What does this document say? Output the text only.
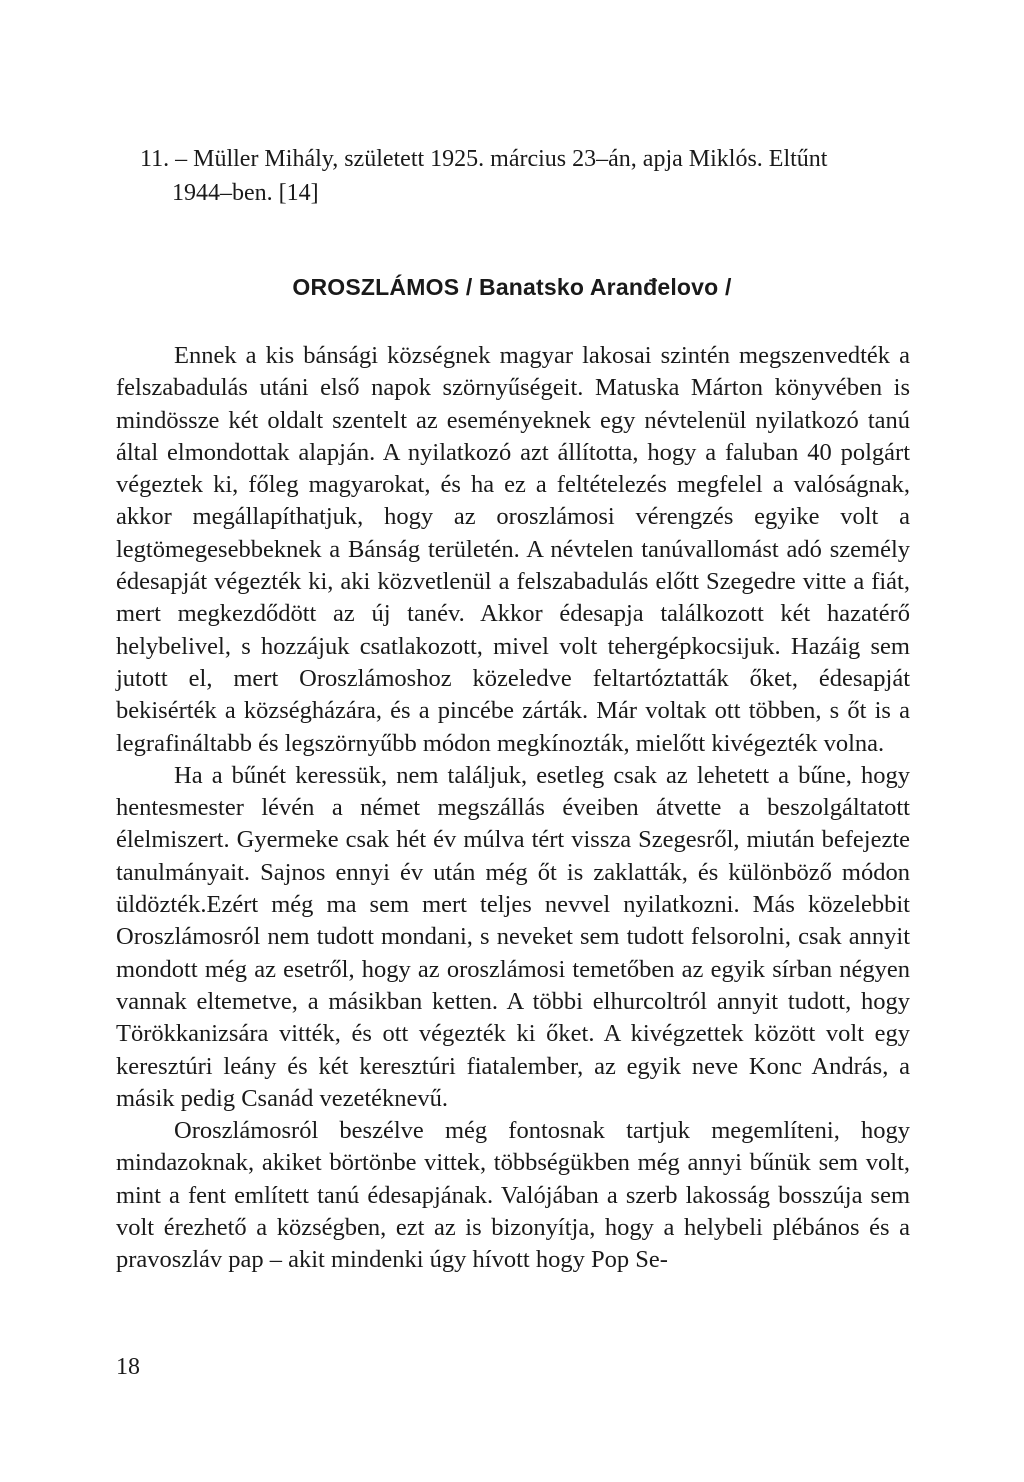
11. – Müller Mihály, született 1925. március 23–án, apja Miklós. Eltűnt
1944–ben. [14]
OROSZLÁMOS / Banatsko Aranđelovo /

Ennek a kis bánsági községnek magyar lakosai szintén megszenvedték a felszabadulás utáni első napok szörnyűségeit. Matuska Márton könyvében is mindössze két oldalt szentelt az eseményeknek egy névtelenül nyilatkozó tanú által elmondottak alapján. A nyilatkozó azt állította, hogy a faluban 40 polgárt végeztek ki, főleg magyarokat, és ha ez a feltételezés megfelel a valóságnak, akkor megállapíthatjuk, hogy az oroszlámosi vérengzés egyike volt a legtömegesebbeknek a Bánság területén. A névtelen tanúvallomást adó személy édesapját végezték ki, aki közvetlenül a felszabadulás előtt Szegedre vitte a fiát, mert megkezdődött az új tanév. Akkor édesapja találkozott két hazatérő helybelivel, s hozzájuk csatlakozott, mivel volt tehergépkocsijuk. Hazáig sem jutott el, mert Oroszlámoshoz közeledve feltartóztatták őket, édesapját bekisérték a községházára, és a pincébe zárták. Már voltak ott többen, s őt is a legrafináltabb és legszörnyűbb módon megkínozták, mielőtt kivégezték volna.

Ha a bűnét keressük, nem találjuk, esetleg csak az lehetett a bűne, hogy hentesmester lévén a német megszállás éveiben átvette a beszolgáltatott élelmiszert. Gyermeke csak hét év múlva tért vissza Szegesről, miután befejezte tanulmányait. Sajnos ennyi év után még őt is zaklatták, és különböző módon üldözték.Ezért még ma sem mert teljes nevvel nyilatkozni. Más közelebbit Oroszlámosról nem tudott mondani, s neveket sem tudott felsorolni, csak annyit mondott még az esetről, hogy az oroszlámosi temetőben az egyik sírban négyen vannak eltemetve, a másikban ketten. A többi elhurcoltról annyit tudott, hogy Törökkanizsára vitték, és ott végezték ki őket. A kivégzettek között volt egy keresztúri leány és két keresztúri fiatalember, az egyik neve Konc András, a másik pedig Csanád vezetéknevű.

Oroszlámosról beszélve még fontosnak tartjuk megemlíteni, hogy mindazoknak, akiket börtönbe vittek, többségükben még annyi bűnük sem volt, mint a fent említett tanú édesapjának. Valójában a szerb lakosság bosszúja sem volt érezhető a községben, ezt az is bizonyítja, hogy a helybeli plébános és a pravoszláv pap – akit mindenki úgy hívott hogy Pop Se-

18
